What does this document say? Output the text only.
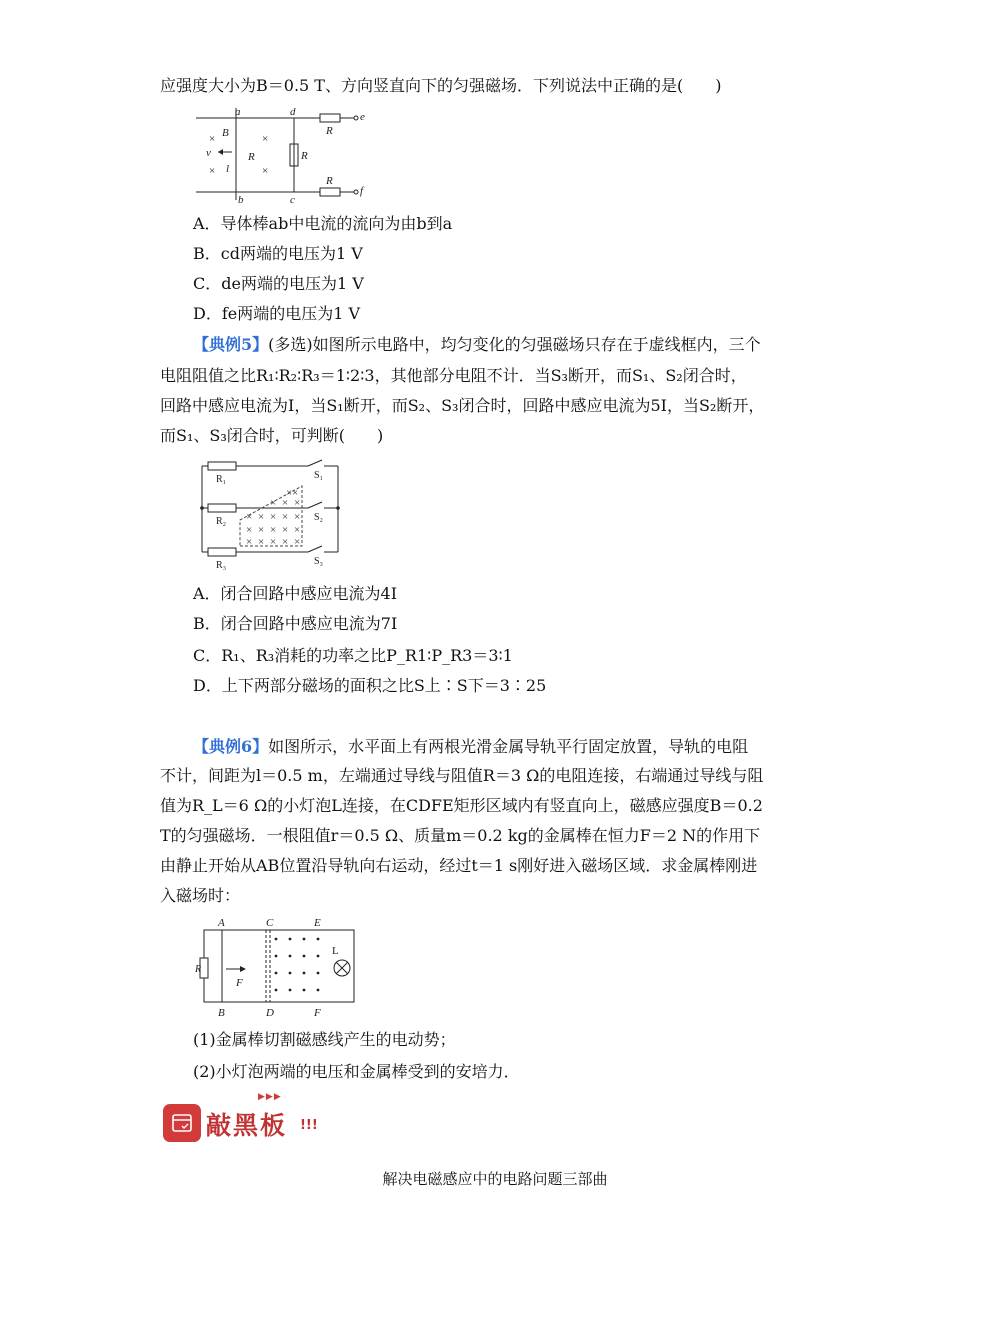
应强度大小为B＝0.5 T、方向竖直向下的匀强磁场．下列说法中正确的是(　　)
×
×
×
×
a
b
d
c
e
f
B
v
l
R	R
R
R
A．导体棒ab中电流的流向为由b到a
B．cd两端的电压为1 V
C．de两端的电压为1 V
D．fe两端的电压为1 V
【典例5】(多选)如图所示电路中，均匀变化的匀强磁场只存在于虚线框内，三个
电阻阻值之比R₁∶R₂∶R₃＝1∶2∶3，其他部分电阻不计．当S₃断开，而S₁、S₂闭合时，
回路中感应电流为I，当S₁断开，而S₂、S₃闭合时，回路中感应电流为5I，当S₂断开，
而S₁、S₃闭合时，可判断(　　)
× ×
× × ×
× × × × ×
× × × × ×
× × × × ×
R₁
R₂
R₃
S₁
S₂
S₃
A．闭合回路中感应电流为4I
B．闭合回路中感应电流为7I
C．R₁、R₃消耗的功率之比P_R1∶P_R3＝3∶1
D．上下两部分磁场的面积之比S上∶S下＝3∶25
【典例6】如图所示，水平面上有两根光滑金属导轨平行固定放置，导轨的电阻
不计，间距为l＝0.5 m，左端通过导线与阻值R＝3 Ω的电阻连接，右端通过导线与阻
值为R_L＝6 Ω的小灯泡L连接，在CDFE矩形区域内有竖直向上，磁感应强度B＝0.2
T的匀强磁场．一根阻值r＝0.5 Ω、质量m＝0.2 kg的金属棒在恒力F＝2 N的作用下
由静止开始从AB位置沿导轨向右运动，经过t＝1 s刚好进入磁场区域．求金属棒刚进
入磁场时：
A
B
C
D
E
F
R
F
L
(1)金属棒切割磁感线产生的电动势；
(2)小灯泡两端的电压和金属棒受到的安培力．
▶▶▶
敲黑板 !!!
解决电磁感应中的电路问题三部曲
